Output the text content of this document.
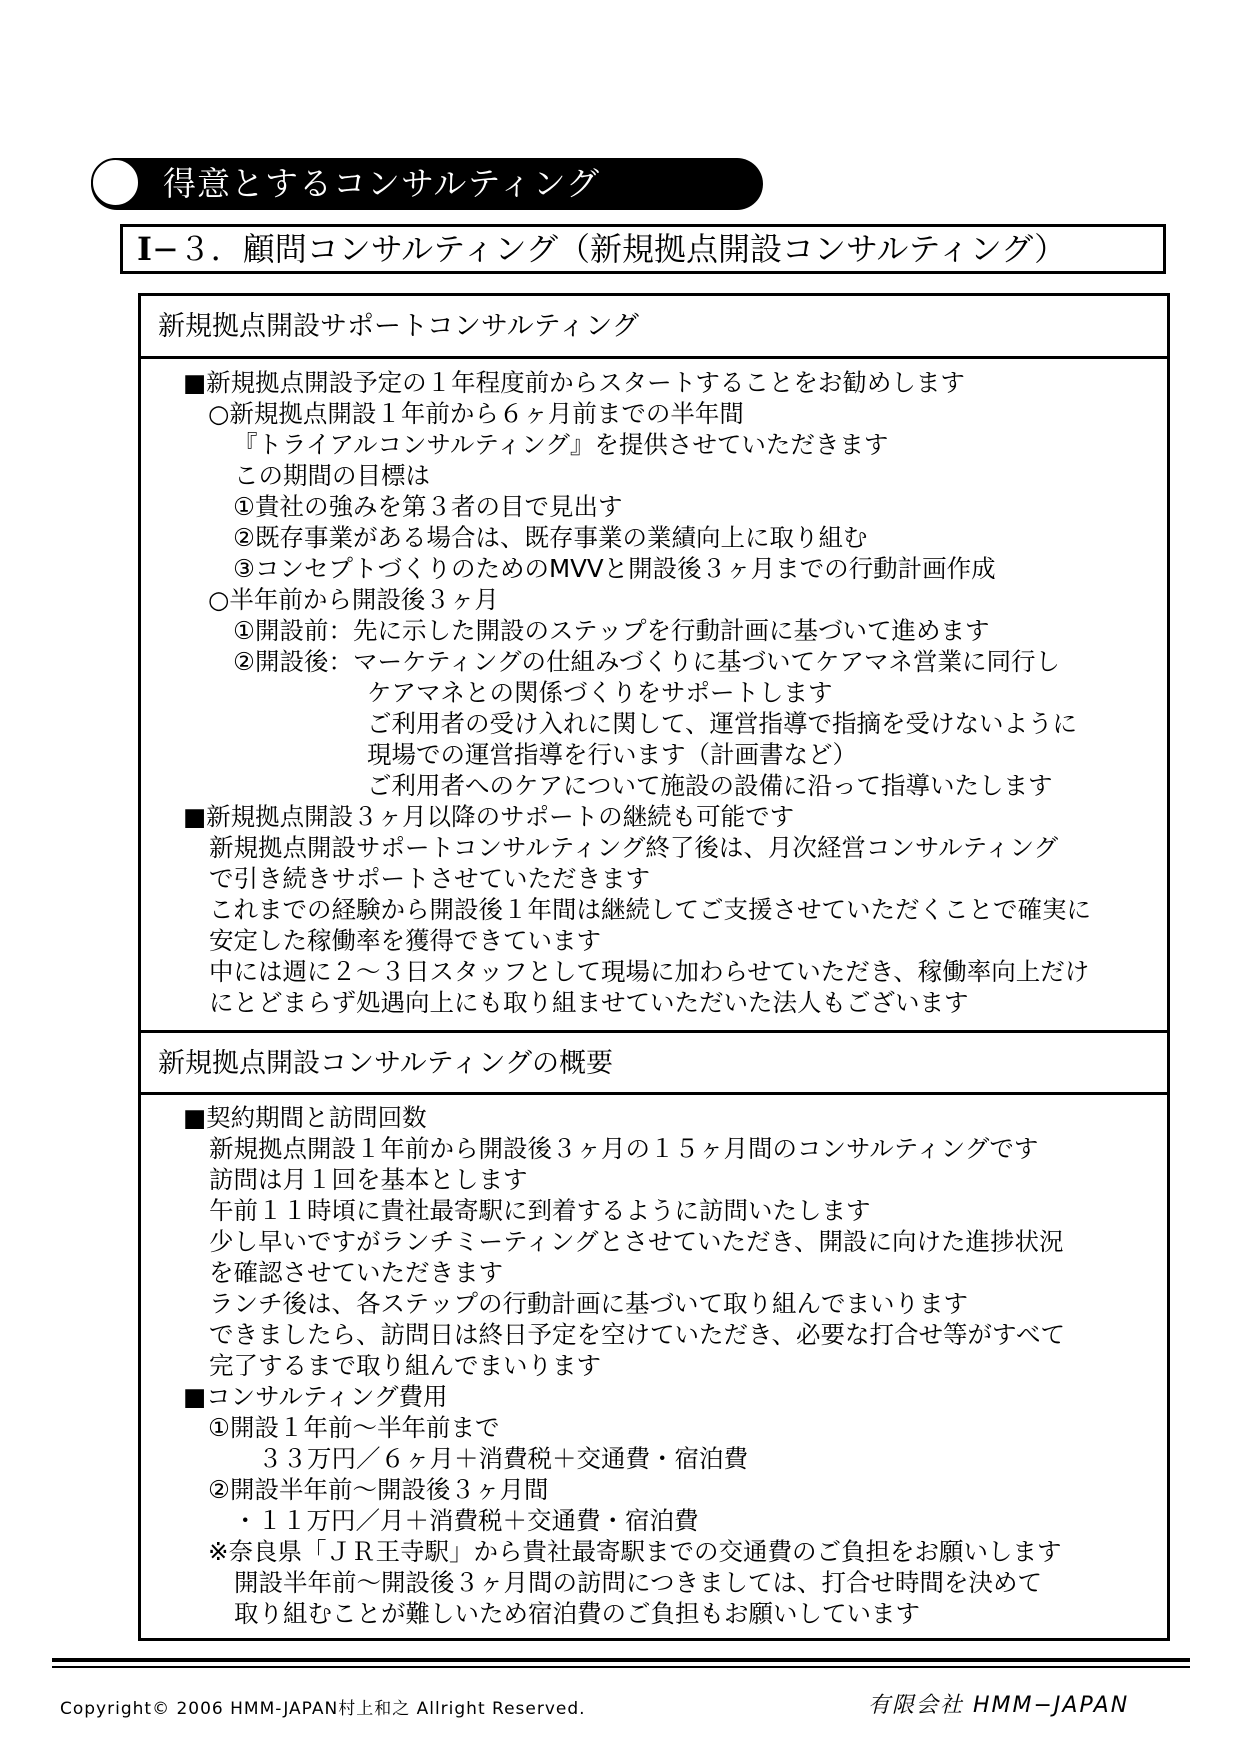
得意とするコンサルティング
I−３．顧問コンサルティング（新規拠点開設コンサルティング）
新規拠点開設サポートコンサルティング
■新規拠点開設予定の１年程度前からスタートすることをお勧めします
○新規拠点開設１年前から６ヶ月前までの半年間
『トライアルコンサルティング』を提供させていただきます
この期間の目標は
①貴社の強みを第３者の目で見出す
②既存事業がある場合は、既存事業の業績向上に取り組む
③コンセプトづくりのためのMVVと開設後３ヶ月までの行動計画作成
○半年前から開設後３ヶ月
①開設前：先に示した開設のステップを行動計画に基づいて進めます
②開設後：マーケティングの仕組みづくりに基づいてケアマネ営業に同行し
ケアマネとの関係づくりをサポートします
ご利用者の受け入れに関して、運営指導で指摘を受けないように
現場での運営指導を行います（計画書など）
ご利用者へのケアについて施設の設備に沿って指導いたします
■新規拠点開設３ヶ月以降のサポートの継続も可能です
新規拠点開設サポートコンサルティング終了後は、月次経営コンサルティング
で引き続きサポートさせていただきます
これまでの経験から開設後１年間は継続してご支援させていただくことで確実に
安定した稼働率を獲得できています
中には週に２〜３日スタッフとして現場に加わらせていただき、稼働率向上だけ
にとどまらず処遇向上にも取り組ませていただいた法人もございます
新規拠点開設コンサルティングの概要
■契約期間と訪問回数
新規拠点開設１年前から開設後３ヶ月の１５ヶ月間のコンサルティングです
訪問は月１回を基本とします
午前１１時頃に貴社最寄駅に到着するように訪問いたします
少し早いですがランチミーティングとさせていただき、開設に向けた進捗状況
を確認させていただきます
ランチ後は、各ステップの行動計画に基づいて取り組んでまいります
できましたら、訪問日は終日予定を空けていただき、必要な打合せ等がすべて
完了するまで取り組んでまいります
■コンサルティング費用
①開設１年前〜半年前まで
３３万円／６ヶ月＋消費税＋交通費・宿泊費
②開設半年前〜開設後３ヶ月間
・１１万円／月＋消費税＋交通費・宿泊費
※奈良県「ＪＲ王寺駅」から貴社最寄駅までの交通費のご負担をお願いします
開設半年前〜開設後３ヶ月間の訪問につきましては、打合せ時間を決めて
取り組むことが難しいため宿泊費のご負担もお願いしています
Copyright© 2006 HMM-JAPAN村上和之 Allright Reserved.	有限会社 HMM−JAPAN
